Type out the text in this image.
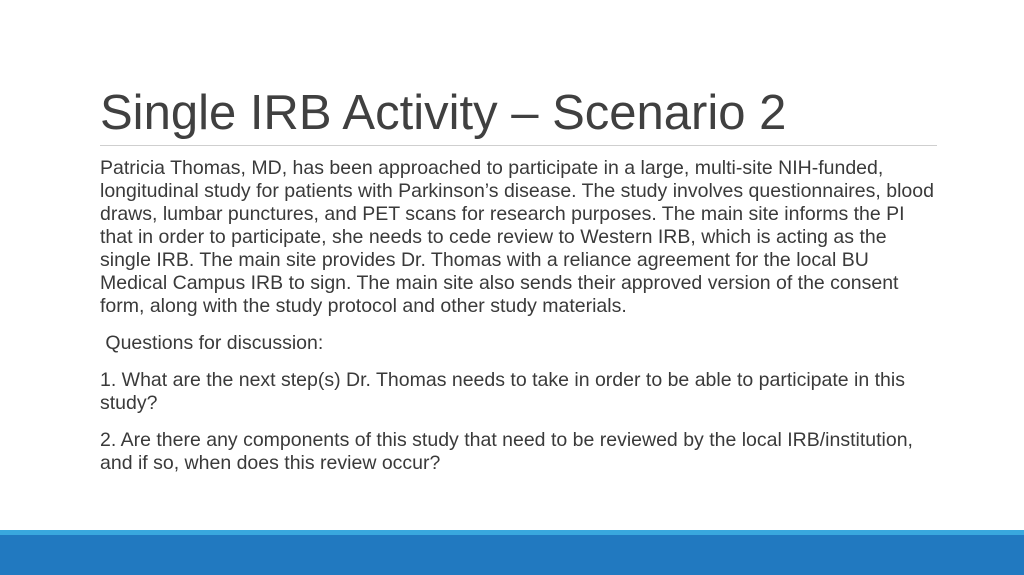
Single IRB Activity – Scenario 2

Patricia Thomas, MD, has been approached to participate in a large, multi-site NIH-funded, longitudinal study for patients with Parkinson’s disease. The study involves questionnaires, blood draws, lumbar punctures, and PET scans for research purposes. The main site informs the PI that in order to participate, she needs to cede review to Western IRB, which is acting as the single IRB. The main site provides Dr. Thomas with a reliance agreement for the local BU Medical Campus IRB to sign. The main site also sends their approved version of the consent form, along with the study protocol and other study materials.

Questions for discussion:

1. What are the next step(s) Dr. Thomas needs to take in order to be able to participate in this study?

2. Are there any components of this study that need to be reviewed by the local IRB/institution, and if so, when does this review occur?
